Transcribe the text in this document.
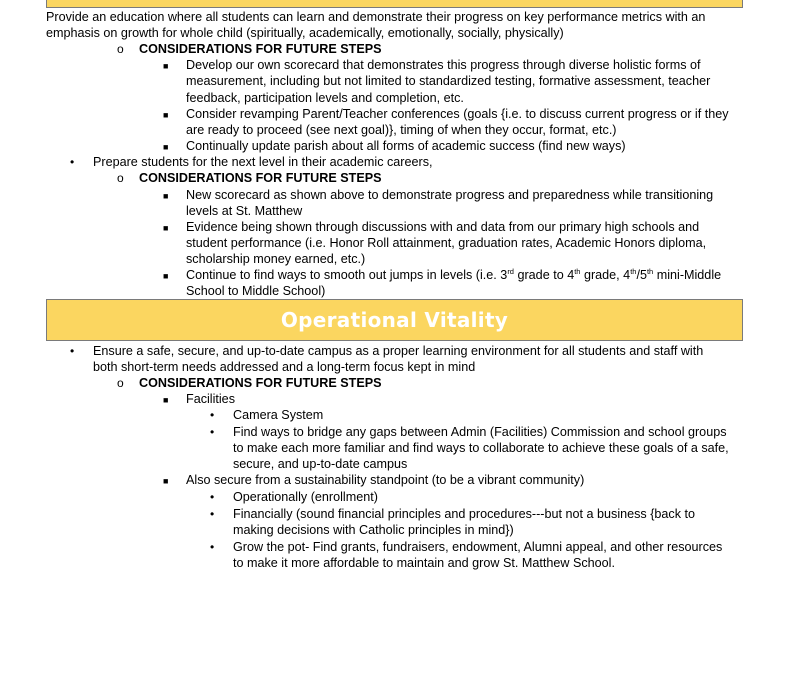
Provide an education where all students can learn and demonstrate their progress on key performance metrics with an
emphasis on growth for whole child (spiritually, academically, emotionally, socially, physically)
o CONSIDERATIONS FOR FUTURE STEPS
■ Develop our own scorecard that demonstrates this progress through diverse holistic forms of
measurement, including but not limited to standardized testing, formative assessment, teacher
feedback, participation levels and completion, etc.
■ Consider revamping Parent/Teacher conferences (goals {i.e. to discuss current progress or if they
are ready to proceed (see next goal)}, timing of when they occur, format, etc.)
■ Continually update parish about all forms of academic success (find new ways)
• Prepare students for the next level in their academic careers,
o CONSIDERATIONS FOR FUTURE STEPS
■ New scorecard as shown above to demonstrate progress and preparedness while transitioning
levels at St. Matthew
■ Evidence being shown through discussions with and data from our primary high schools and
student performance (i.e. Honor Roll attainment, graduation rates, Academic Honors diploma,
scholarship money earned, etc.)
■ Continue to find ways to smooth out jumps in levels (i.e. 3rd grade to 4th grade, 4th/5th mini-Middle
School to Middle School)
Operational Vitality
• Ensure a safe, secure, and up-to-date campus as a proper learning environment for all students and staff with
both short-term needs addressed and a long-term focus kept in mind
o CONSIDERATIONS FOR FUTURE STEPS
■ Facilities
• Camera System
• Find ways to bridge any gaps between Admin (Facilities) Commission and school groups
to make each more familiar and find ways to collaborate to achieve these goals of a safe,
secure, and up-to-date campus
■ Also secure from a sustainability standpoint (to be a vibrant community)
• Operationally (enrollment)
• Financially (sound financial principles and procedures---but not a business {back to
making decisions with Catholic principles in mind})
• Grow the pot- Find grants, fundraisers, endowment, Alumni appeal, and other resources
to make it more affordable to maintain and grow St. Matthew School.
